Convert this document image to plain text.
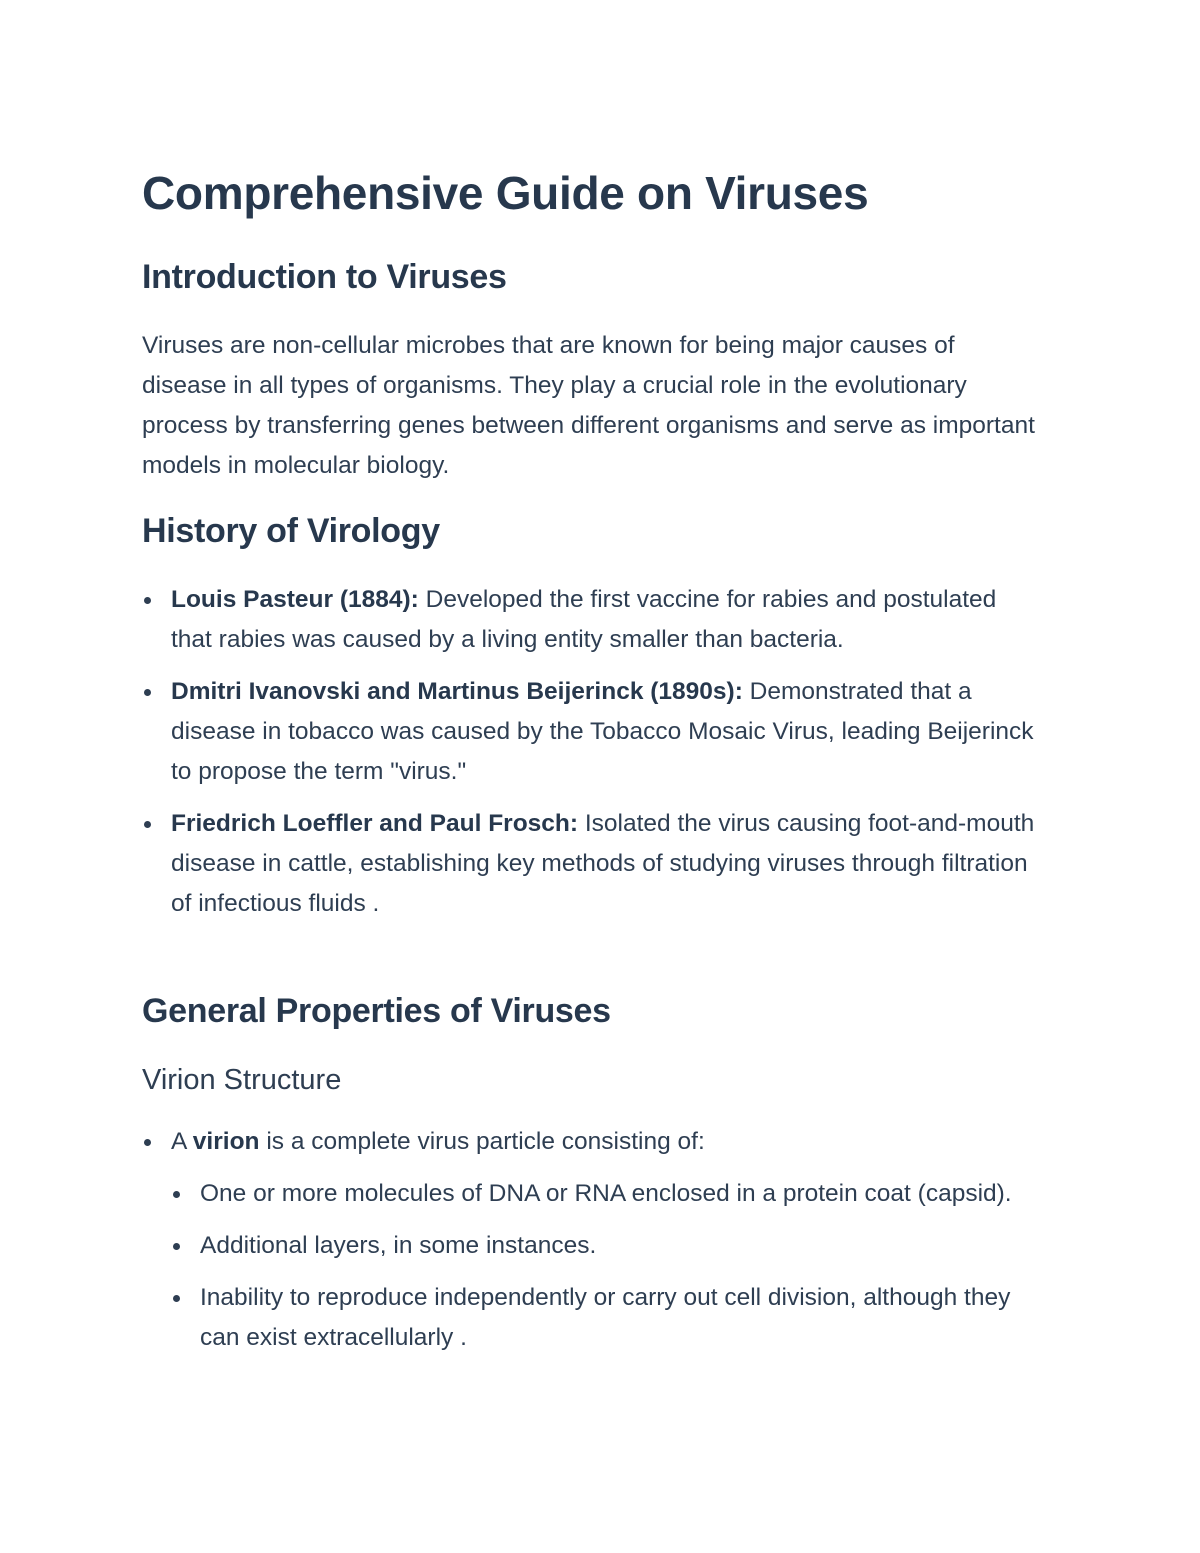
Comprehensive Guide on Viruses
Introduction to Viruses

Viruses are non-cellular microbes that are known for being major causes of disease in all types of organisms. They play a crucial role in the evolutionary process by transferring genes between different organisms and serve as important models in molecular biology.

History of Virology
Louis Pasteur (1884): Developed the first vaccine for rabies and postulated that rabies was caused by a living entity smaller than bacteria.
Dmitri Ivanovski and Martinus Beijerinck (1890s): Demonstrated that a disease in tobacco was caused by the Tobacco Mosaic Virus, leading Beijerinck to propose the term "virus."
Friedrich Loeffler and Paul Frosch: Isolated the virus causing foot-and-mouth disease in cattle, establishing key methods of studying viruses through filtration of infectious fluids .
General Properties of Viruses
Virion Structure
A virion is a complete virus particle consisting of:
One or more molecules of DNA or RNA enclosed in a protein coat (capsid).
Additional layers, in some instances.
Inability to reproduce independently or carry out cell division, although they can exist extracellularly .
